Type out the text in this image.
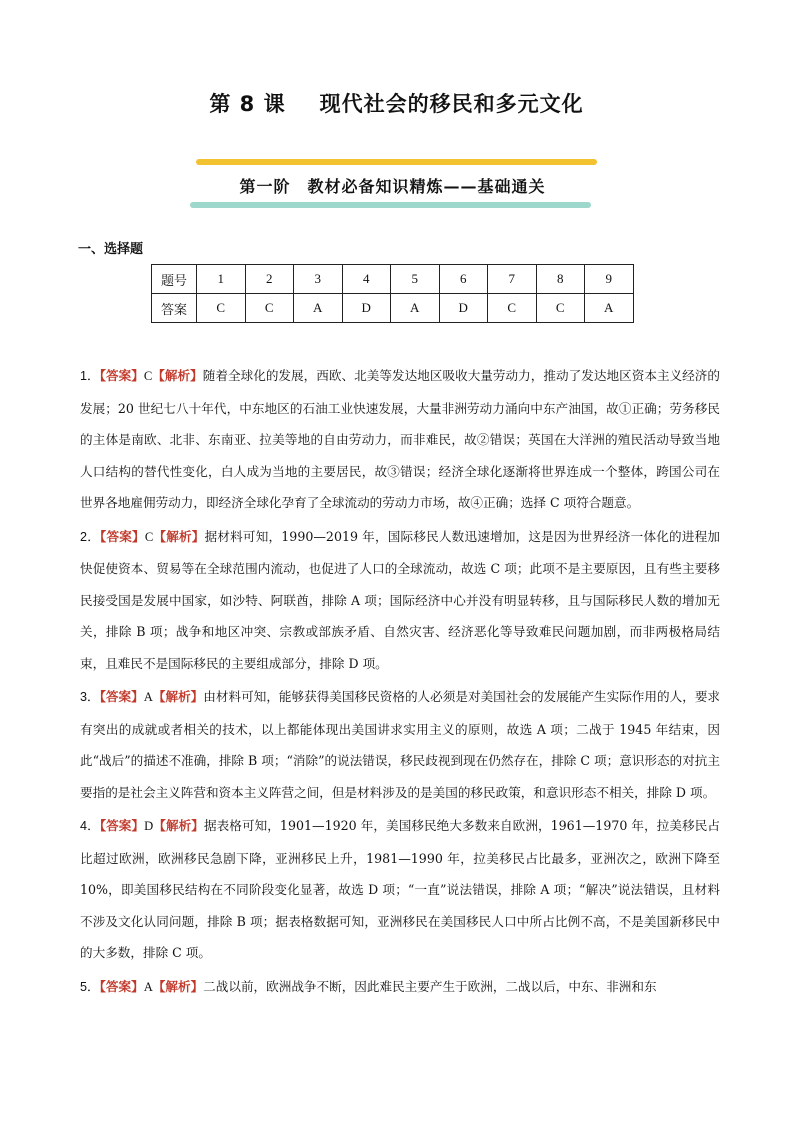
第 8 课 现代社会的移民和多元文化
第一阶　教材必备知识精炼——基础通关
一、选择题
题号	1	2	3	4	5	6	7	8	9
答案	C	C	A	D	A	D	C	C	A

1．【答案】C【解析】随着全球化的发展，西欧、北美等发达地区吸收大量劳动力，推动了发达地区资本主义经济的发展；20 世纪七八十年代，中东地区的石油工业快速发展，大量非洲劳动力涌向中东产油国，故①正确；劳务移民的主体是南欧、北非、东南亚、拉美等地的自由劳动力，而非难民，故②错误；英国在大洋洲的殖民活动导致当地人口结构的替代性变化，白人成为当地的主要居民，故③错误；经济全球化逐渐将世界连成一个整体，跨国公司在世界各地雇佣劳动力，即经济全球化孕育了全球流动的劳动力市场，故④正确；选择 C 项符合题意。

2．【答案】C【解析】据材料可知，1990—2019 年，国际移民人数迅速增加，这是因为世界经济一体化的进程加快促使资本、贸易等在全球范围内流动，也促进了人口的全球流动，故选 C 项；此项不是主要原因，且有些主要移民接受国是发展中国家，如沙特、阿联酋，排除 A 项；国际经济中心并没有明显转移，且与国际移民人数的增加无关，排除 B 项；战争和地区冲突、宗教或部族矛盾、自然灾害、经济恶化等导致难民问题加剧，而非两极格局结束，且难民不是国际移民的主要组成部分，排除 D 项。

3．【答案】A【解析】由材料可知，能够获得美国移民资格的人必须是对美国社会的发展能产生实际作用的人，要求有突出的成就或者相关的技术，以上都能体现出美国讲求实用主义的原则，故选 A 项；二战于 1945 年结束，因此“战后”的描述不准确，排除 B 项；“消除”的说法错误，移民歧视到现在仍然存在，排除 C 项；意识形态的对抗主要指的是社会主义阵营和资本主义阵营之间，但是材料涉及的是美国的移民政策，和意识形态不相关，排除 D 项。

4．【答案】D【解析】据表格可知，1901—1920 年，美国移民绝大多数来自欧洲，1961—1970 年，拉美移民占比超过欧洲，欧洲移民急剧下降，亚洲移民上升，1981—1990 年，拉美移民占比最多，亚洲次之，欧洲下降至 10%，即美国移民结构在不同阶段变化显著，故选 D 项；“一直”说法错误，排除 A 项；“解决”说法错误，且材料不涉及文化认同问题，排除 B 项；据表格数据可知，亚洲移民在美国移民人口中所占比例不高，不是美国新移民中的大多数，排除 C 项。

5．【答案】A【解析】二战以前，欧洲战争不断，因此难民主要产生于欧洲，二战以后，中东、非洲和东
